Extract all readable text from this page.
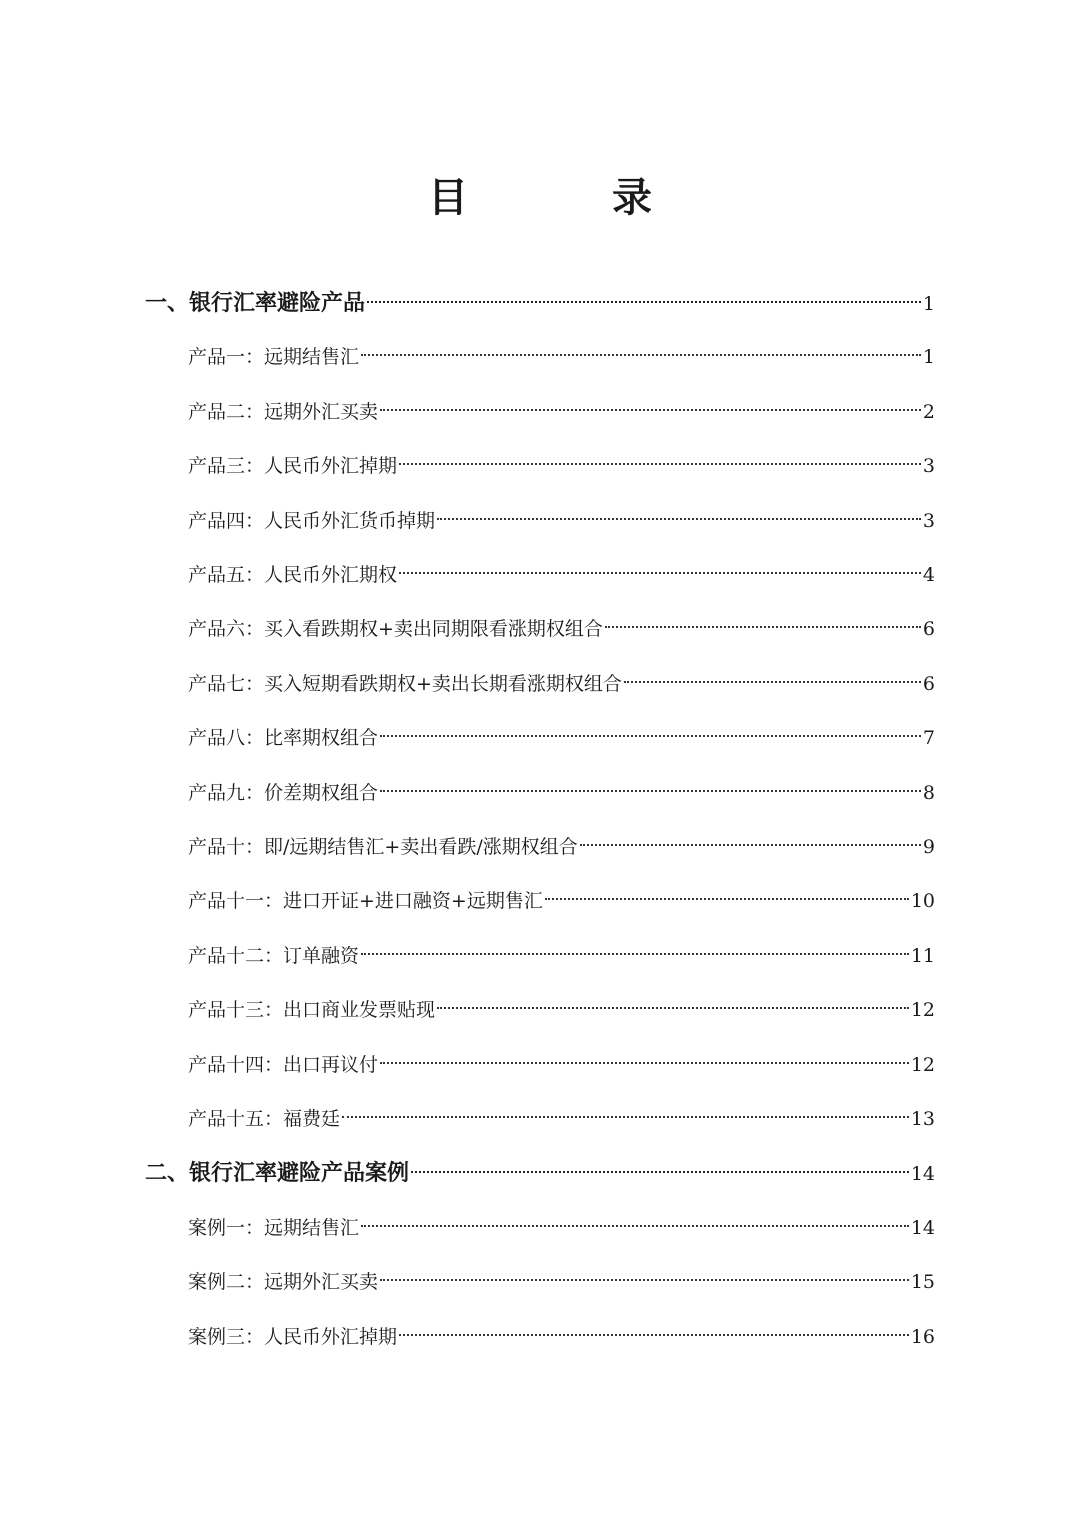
目　录
一、银行汇率避险产品	1
产品一：远期结售汇	1
产品二：远期外汇买卖	2
产品三：人民币外汇掉期	3
产品四：人民币外汇货币掉期	3
产品五：人民币外汇期权	4
产品六：买入看跌期权+卖出同期限看涨期权组合	6
产品七：买入短期看跌期权+卖出长期看涨期权组合	6
产品八：比率期权组合	7
产品九：价差期权组合	8
产品十：即/远期结售汇+卖出看跌/涨期权组合	9
产品十一：进口开证+进口融资+远期售汇	10
产品十二：订单融资	11
产品十三：出口商业发票贴现	12
产品十四：出口再议付	12
产品十五：福费廷	13
二、银行汇率避险产品案例	14
案例一：远期结售汇	14
案例二：远期外汇买卖	15
案例三：人民币外汇掉期	16
